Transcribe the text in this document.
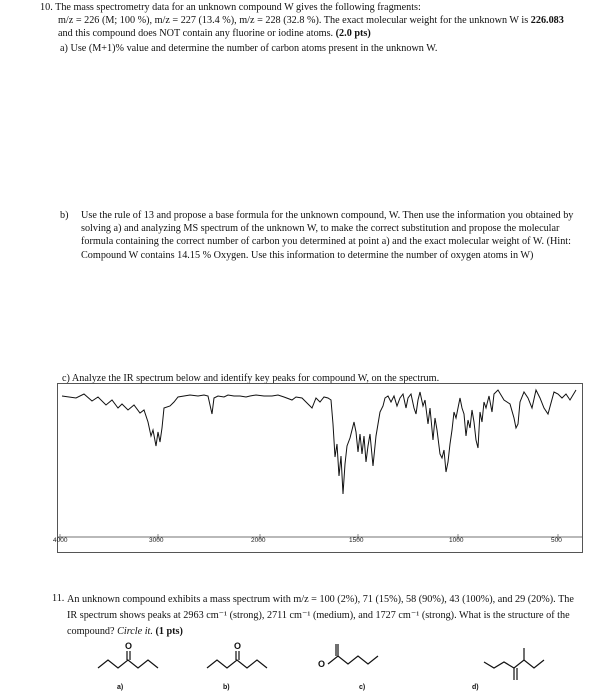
10. The mass spectrometry data for an unknown compound W gives the following fragments:
m/z = 226 (M; 100 %), m/z = 227 (13.4 %), m/z = 228 (32.8 %). The exact molecular weight for the unknown W is 226.083 and this compound does NOT contain any fluorine or iodine atoms. (2.0 pts)
a) Use (M+1)% value and determine the number of carbon atoms present in the unknown W.
b) Use the rule of 13 and propose a base formula for the unknown compound, W. Then use the information you obtained by solving a) and analyzing MS spectrum of the unknown W, to make the correct substitution and propose the molecular formula containing the correct number of carbon you determined at point a) and the exact molecular weight of W. (Hint: Compound W contains 14.15 % Oxygen. Use this information to determine the number of oxygen atoms in W)
c) Analyze the IR spectrum below and identify key peaks for compound W, on the spectrum.
4000	3000	2000	1500	1000	500
11. An unknown compound exhibits a mass spectrum with m/z = 100 (2%), 71 (15%), 58 (90%), 43 (100%), and 29 (20%). The IR spectrum shows peaks at 2963 cm⁻¹ (strong), 2711 cm⁻¹ (medium), and 1727 cm⁻¹ (strong). What is the structure of the compound? Circle it. (1 pts)
O	O
O
a)	b)	c)	d)
